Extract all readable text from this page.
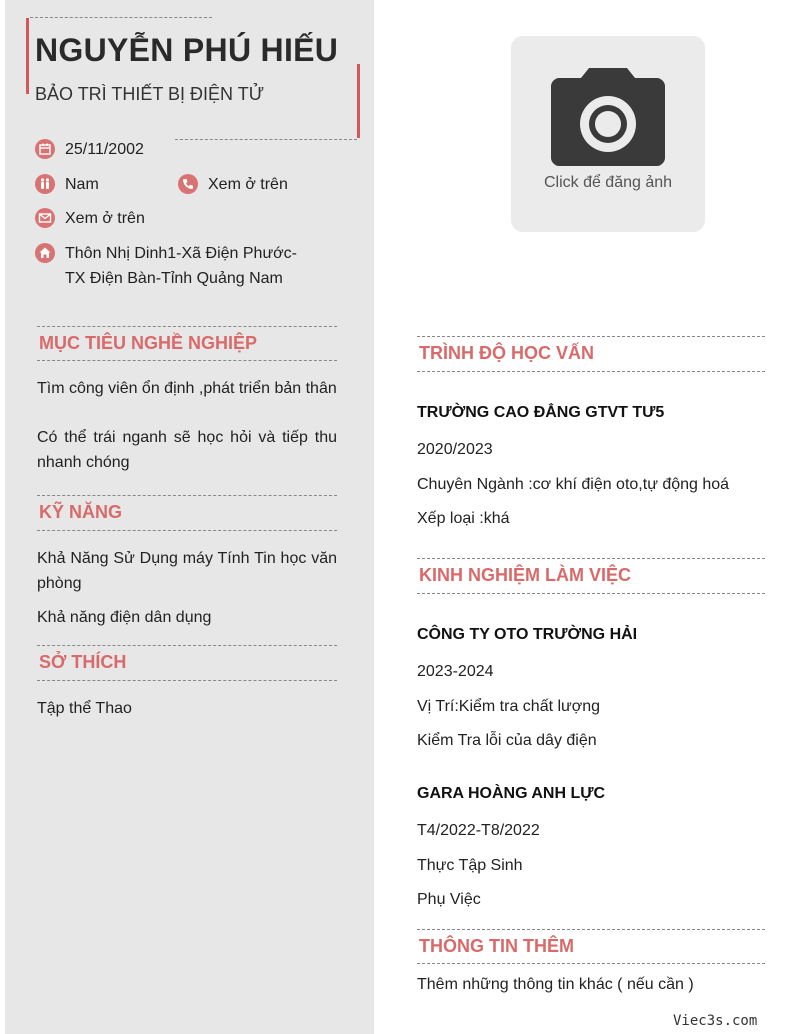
NGUYỄN PHÚ HIẾU
BẢO TRÌ THIẾT BỊ ĐIỆN TỬ
25/11/2002
Nam	Xem ở trên
Xem ở trên
Thôn Nhị Dinh1-Xã Điện Phước-
TX Điện Bàn-Tỉnh Quảng Nam
MỤC TIÊU NGHỀ NGHIỆP
Tìm công viên ổn định ,phát triển bản thân
Có thể trái nganh sẽ học hỏi và tiếp thu nhanh chóng
KỸ NĂNG
Khả Năng Sử Dụng máy Tính Tin học văn phòng
Khả năng điện dân dụng
SỞ THÍCH
Tập thể Thao
Click để đăng ảnh
TRÌNH ĐỘ HỌC VẤN
TRƯỜNG CAO ĐẲNG GTVT TƯ5
2020/2023
Chuyên Ngành :cơ khí điện oto,tự động hoá
Xếp loại :khá
KINH NGHIỆM LÀM VIỆC
CÔNG TY OTO TRƯỜNG HẢI
2023-2024
Vị Trí:Kiểm tra chất lượng
Kiểm Tra lỗi của dây điện
GARA HOÀNG ANH LỰC
T4/2022-T8/2022
Thực Tập Sinh
Phụ Việc
THÔNG TIN THÊM
Thêm những thông tin khác ( nếu cần )
Viec3s.com
